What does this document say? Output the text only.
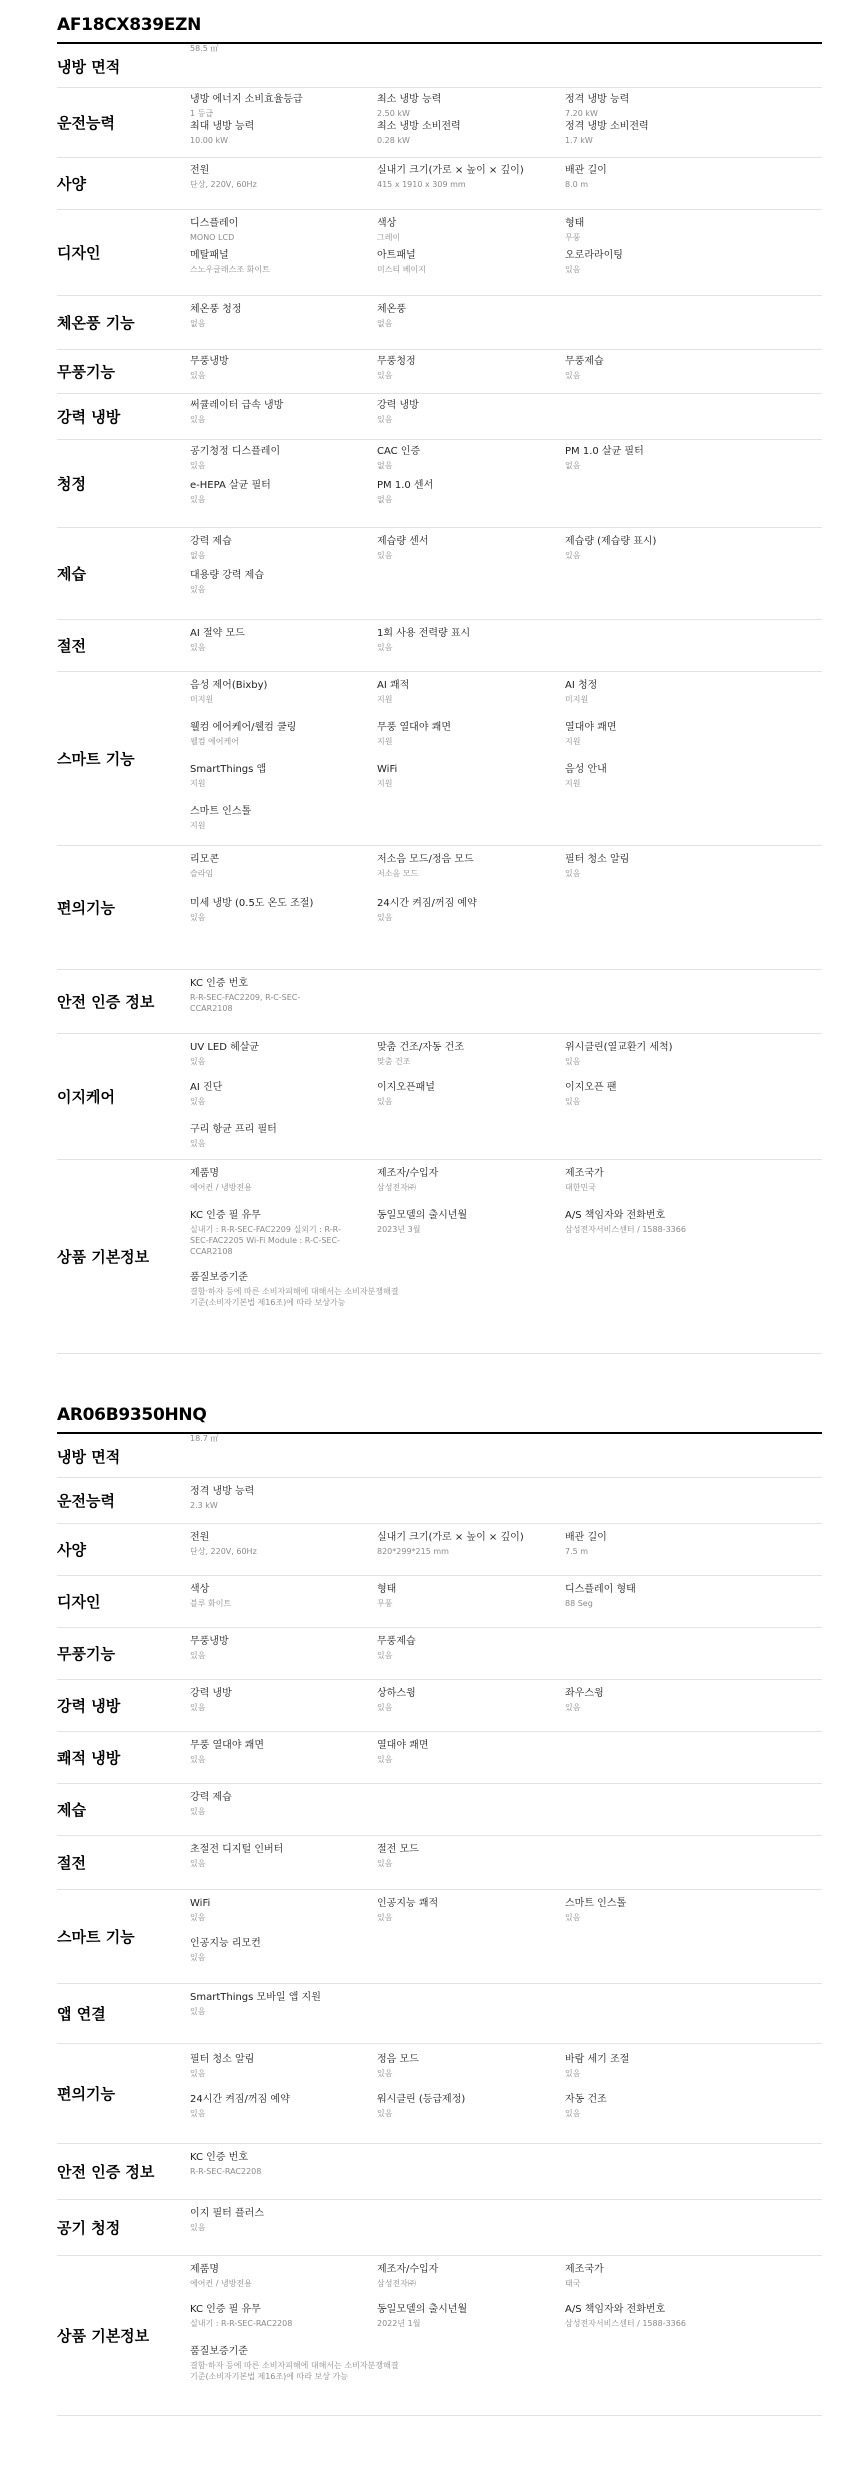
AF18CX839EZN
냉방 면적
58.5 ㎡
운전능력
냉방 에너지 소비효율등급
1 등급
최소 냉방 능력
2.50 kW
정격 냉방 능력
7.20 kW
최대 냉방 능력
10.00 kW
최소 냉방 소비전력
0.28 kW
정격 냉방 소비전력
1.7 kW
사양
전원
단상, 220V, 60Hz
실내기 크기(가로 × 높이 × 깊이)
415 x 1910 x 309 mm
배관 길이
8.0 m
디자인
디스플레이
MONO LCD
색상
그레이
형태
무풍
메탈패널
스노우글래스조 화이트
아트패널
미스티 베이지
오로라라이팅
있음
체온풍 기능
체온풍 청정
없음
체온풍
없음
무풍기능
무풍냉방
있음
무풍청정
있음
무풍제습
있음
강력 냉방
써큘레이터 급속 냉방
있음
강력 냉방
있음
청정
공기청정 디스플레이
있음
CAC 인증
없음
PM 1.0 살균 필터
없음
e-HEPA 살균 필터
있음
PM 1.0 센서
없음
제습
강력 제습
없음
제습량 센서
있음
제습량 (제습량 표시)
있음
대용량 강력 제습
있음
절전
AI 절약 모드
있음
1회 사용 전력량 표시
있음
스마트 기능
음성 제어(Bixby)
미지원
AI 쾌적
지원
AI 청정
미지원
웰컴 에어케어/웰컴 쿨링
웰컴 에어케어
무풍 열대야 쾌면
지원
열대야 쾌면
지원
SmartThings 앱
지원
WiFi
지원
음성 안내
지원
스마트 인스톨
지원
편의기능
리모콘
슬라임
저소음 모드/정음 모드
저소음 모드
필터 청소 알림
있음
미세 냉방 (0.5도 온도 조절)
있음
24시간 켜짐/꺼짐 예약
있음
안전 인증 정보
KC 인증 번호
R-R-SEC-FAC2209, R-C-SEC-CCAR2108
이지케어
UV LED 헤살균
있음
맞춤 건조/자동 건조
맞춤 건조
위시클린(열교환기 세척)
있음
AI 진단
있음
이지오픈패널
있음
이지오픈 팬
있음
구리 항균 프리 필터
있음
상품 기본정보
제품명
에어컨 / 냉방전용
제조자/수입자
삼성전자㈜
제조국가
대한민국
KC 인증 필 유무
실내기 : R-R-SEC-FAC2209 실외기 : R-R-SEC-FAC2205 Wi-Fi Module : R-C-SEC-CCAR2108
동일모델의 출시년월
2023년 3월
A/S 책임자와 전화번호
삼성전자서비스센터 / 1588-3366
품질보증기준
결함·하자 등에 따른 소비자피해에 대해서는 소비자분쟁해결기준(소비자기본법 제16조)에 따라 보상가능
AR06B9350HNQ
냉방 면적
18.7 ㎡
운전능력
정격 냉방 능력
2.3 kW
사양
전원
단상, 220V, 60Hz
실내기 크기(가로 × 높이 × 깊이)
820*299*215 mm
배관 길이
7.5 m
디자인
색상
블루 화이트
형태
무풍
디스플레이 형태
88 Seg
무풍기능
무풍냉방
있음
무풍제습
있음
강력 냉방
강력 냉방
있음
상하스윙
있음
좌우스윙
있음
쾌적 냉방
무풍 열대야 쾌면
있음
열대야 쾌면
있음
제습
강력 제습
있음
절전
초절전 디지털 인버터
있음
절전 모드
있음
스마트 기능
WiFi
있음
인공지능 쾌적
있음
스마트 인스톨
있음
인공지능 리모컨
있음
앱 연결
SmartThings 모바일 앱 지원
있음
편의기능
필터 청소 알림
있음
정음 모드
있음
바람 세기 조절
있음
24시간 켜짐/꺼짐 예약
있음
워시클린 (등급제정)
있음
자동 건조
있음
안전 인증 정보
KC 인증 번호
R-R-SEC-RAC2208
공기 청정
이지 필터 플러스
있음
상품 기본정보
제품명
에어컨 / 냉방전용
제조자/수입자
삼성전자㈜
제조국가
태국
KC 인증 필 유무
실내기 : R-R-SEC-RAC2208
동일모델의 출시년월
2022년 1월
A/S 책임자와 전화번호
삼성전자서비스센터 / 1588-3366
품질보증기준
결함·하자 등에 따른 소비자피해에 대해서는 소비자분쟁해결기준(소비자기본법 제16조)에 따라 보상 가능
